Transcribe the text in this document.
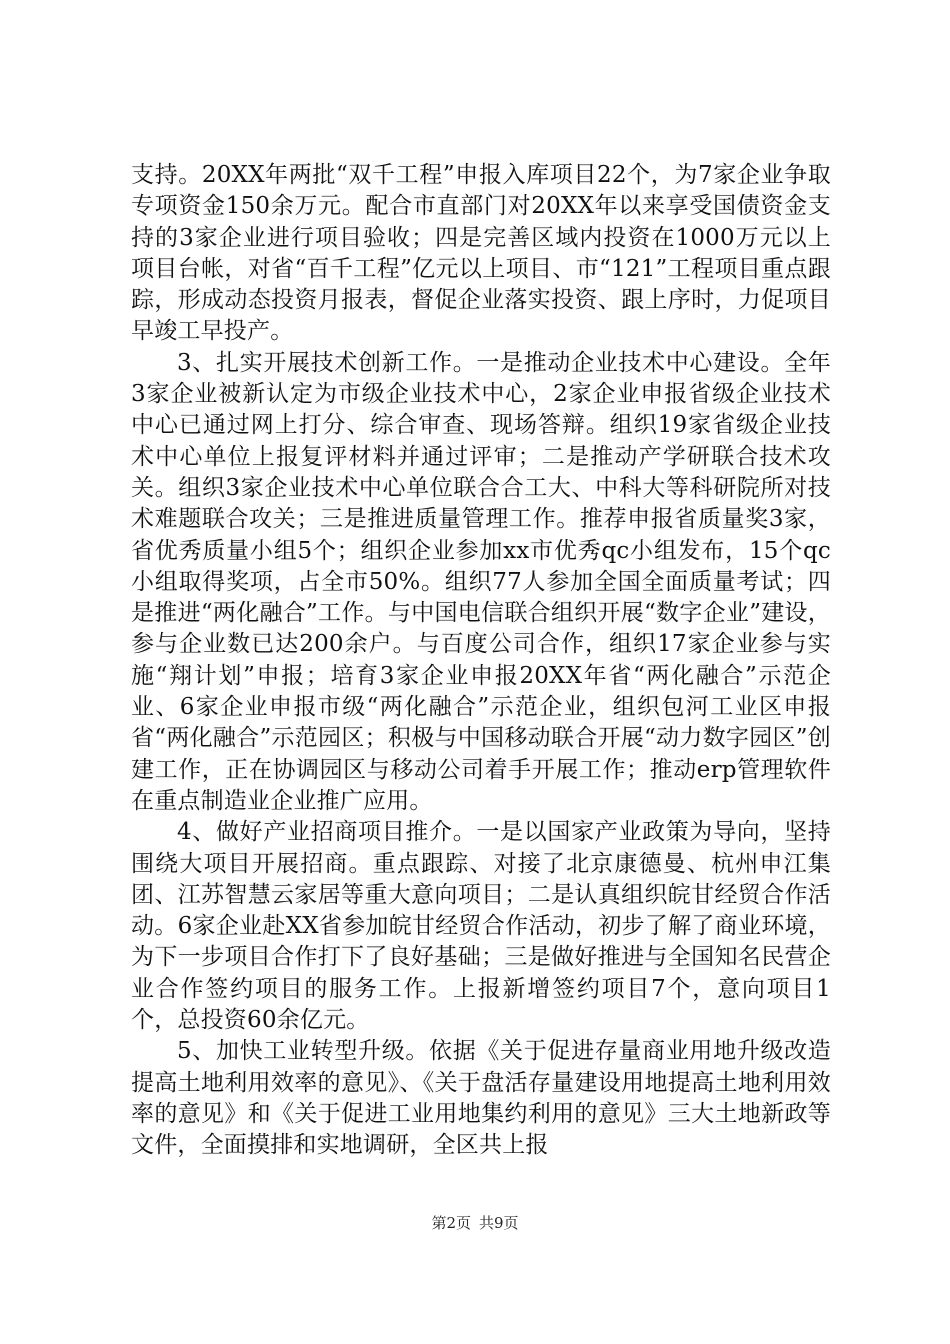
支持。20XX年两批“双千工程”申报入库项目22个，为7家企业争取专项资金150余万元。配合市直部门对20XX年以来享受国债资金支持的3家企业进行项目验收；四是完善区域内投资在1000万元以上项目台帐，对省“百千工程”亿元以上项目、市“121”工程项目重点跟踪，形成动态投资月报表，督促企业落实投资、跟上序时，力促项目早竣工早投产。

3、扎实开展技术创新工作。一是推动企业技术中心建设。全年3家企业被新认定为市级企业技术中心，2家企业申报省级企业技术中心已通过网上打分、综合审查、现场答辩。组织19家省级企业技术中心单位上报复评材料并通过评审；二是推动产学研联合技术攻关。组织3家企业技术中心单位联合合工大、中科大等科研院所对技术难题联合攻关；三是推进质量管理工作。推荐申报省质量奖3家，省优秀质量小组5个；组织企业参加xx市优秀qc小组发布，15个qc小组取得奖项，占全市50%。组织77人参加全国全面质量考试；四是推进“两化融合”工作。与中国电信联合组织开展“数字企业”建设，参与企业数已达200余户。与百度公司合作，组织17家企业参与实施“翔计划”申报；培育3家企业申报20XX年省“两化融合”示范企业、6家企业申报市级“两化融合”示范企业，组织包河工业区申报省“两化融合”示范园区；积极与中国移动联合开展“动力数字园区”创建工作，正在协调园区与移动公司着手开展工作；推动erp管理软件在重点制造业企业推广应用。

4、做好产业招商项目推介。一是以国家产业政策为导向，坚持围绕大项目开展招商。重点跟踪、对接了北京康德曼、杭州申江集团、江苏智慧云家居等重大意向项目；二是认真组织皖甘经贸合作活动。6家企业赴XX省参加皖甘经贸合作活动，初步了解了商业环境，为下一步项目合作打下了良好基础；三是做好推进与全国知名民营企业合作签约项目的服务工作。上报新增签约项目7个，意向项目1个，总投资60余亿元。

5、加快工业转型升级。依据《关于促进存量商业用地升级改造提高土地利用效率的意见》、《关于盘活存量建设用地提高土地利用效率的意见》和《关于促进工业用地集约利用的意见》三大土地新政等文件，全面摸排和实地调研，全区共上报

第2页 共9页
